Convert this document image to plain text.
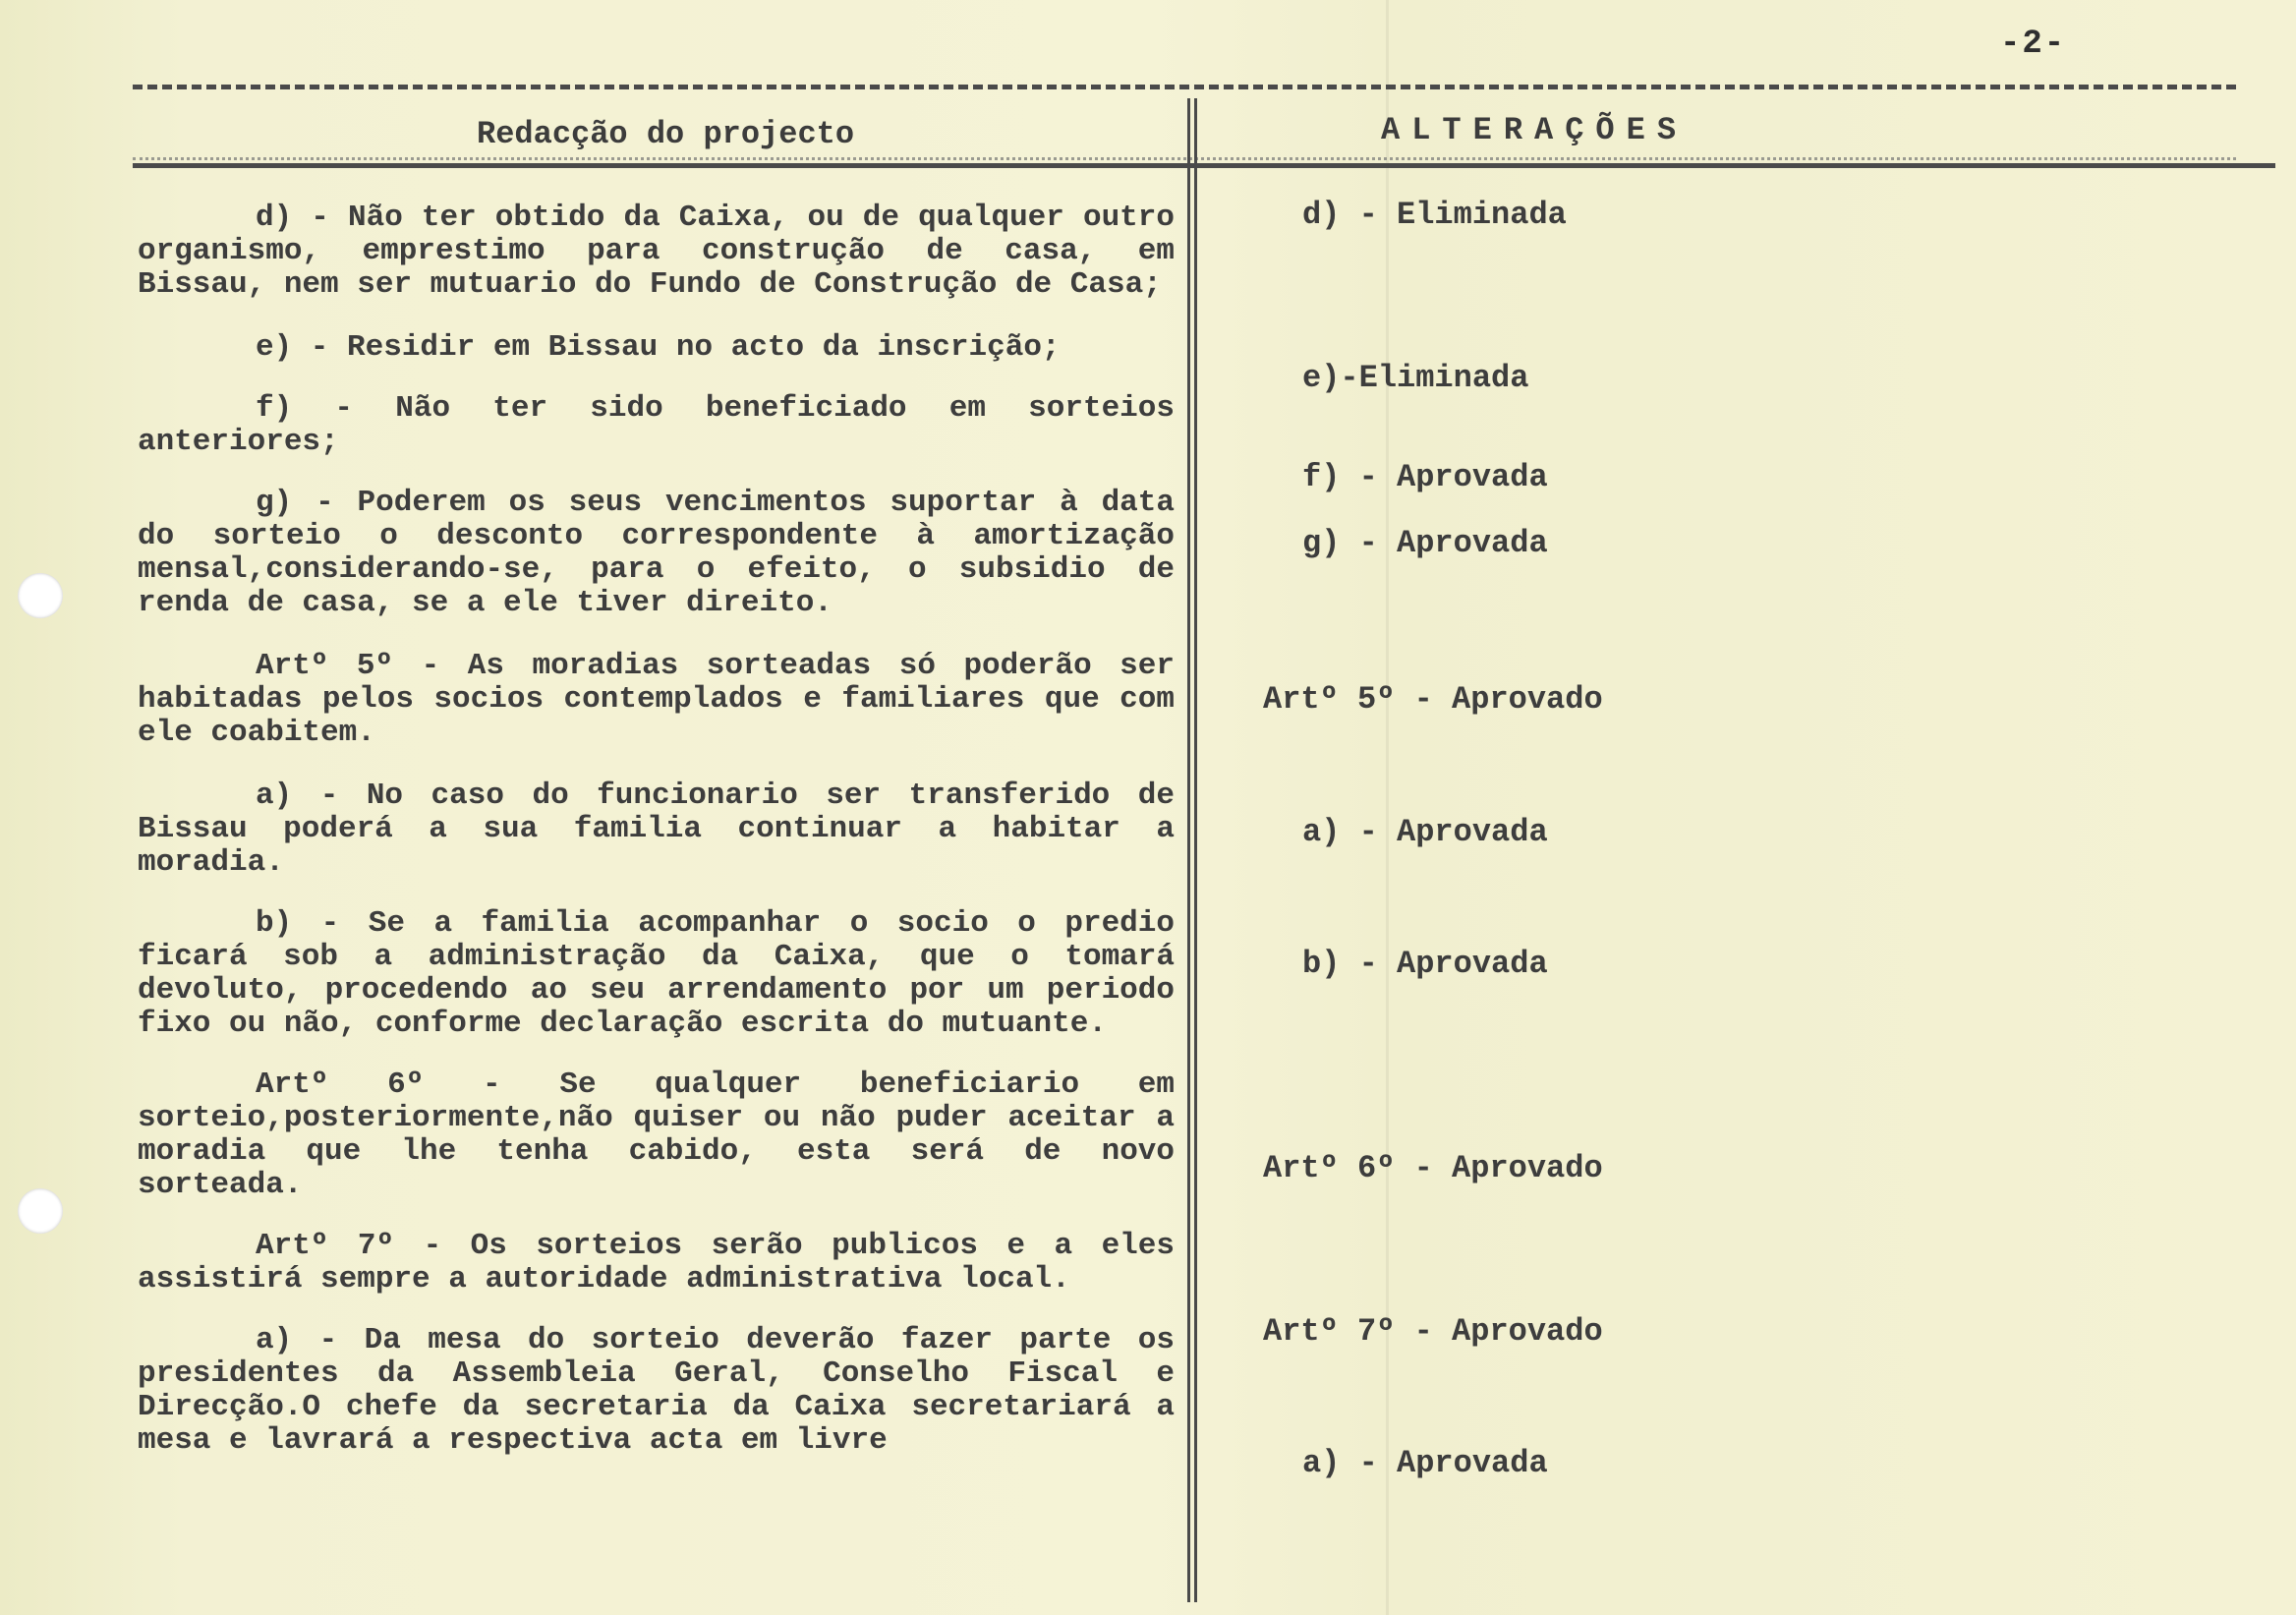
-2-
Redacção do projecto	ALTERAÇÕES

d) - Não ter obtido da Caixa, ou de qualquer outro organismo, emprestimo para construção de casa, em Bissau, nem ser mutuario do Fundo de Construção de Casa;

e) - Residir em Bissau no acto da inscrição;

f) - Não ter sido beneficiado em sorteios anteriores;

g) - Poderem os seus vencimentos suportar à data do sorteio o desconto correspondente à amortização mensal,considerando-se, para o efeito, o subsidio de renda de casa, se a ele tiver direito.

Artº 5º - As moradias sorteadas só poderão ser habitadas pelos socios contemplados e familiares que com ele coabitem.

a) - No caso do funcionario ser transferido de Bissau poderá a sua familia continuar a habitar a moradia.

b) - Se a familia acompanhar o socio o predio ficará sob a administração da Caixa, que o tomará devoluto, procedendo ao seu arrendamento por um periodo fixo ou não, conforme declaração escrita do mutuante.

Artº 6º - Se qualquer beneficiario em sorteio,posteriormente,não quiser ou não puder aceitar a moradia que lhe tenha cabido, esta será de novo sorteada.

Artº 7º - Os sorteios serão publicos e a eles assistirá sempre a autoridade administrativa local.

a) - Da mesa do sorteio deverão fazer parte os presidentes da Assembleia Geral, Conselho Fiscal e Direcção.O chefe da secretaria da Caixa secretariará a mesa e lavrará a respectiva acta em livre

d) - Eliminada
e)-Eliminada
f) - Aprovada
g) - Aprovada
Artº 5º - Aprovado
a) - Aprovada
b) - Aprovada
Artº 6º - Aprovado
Artº 7º - Aprovado
a) - Aprovada
